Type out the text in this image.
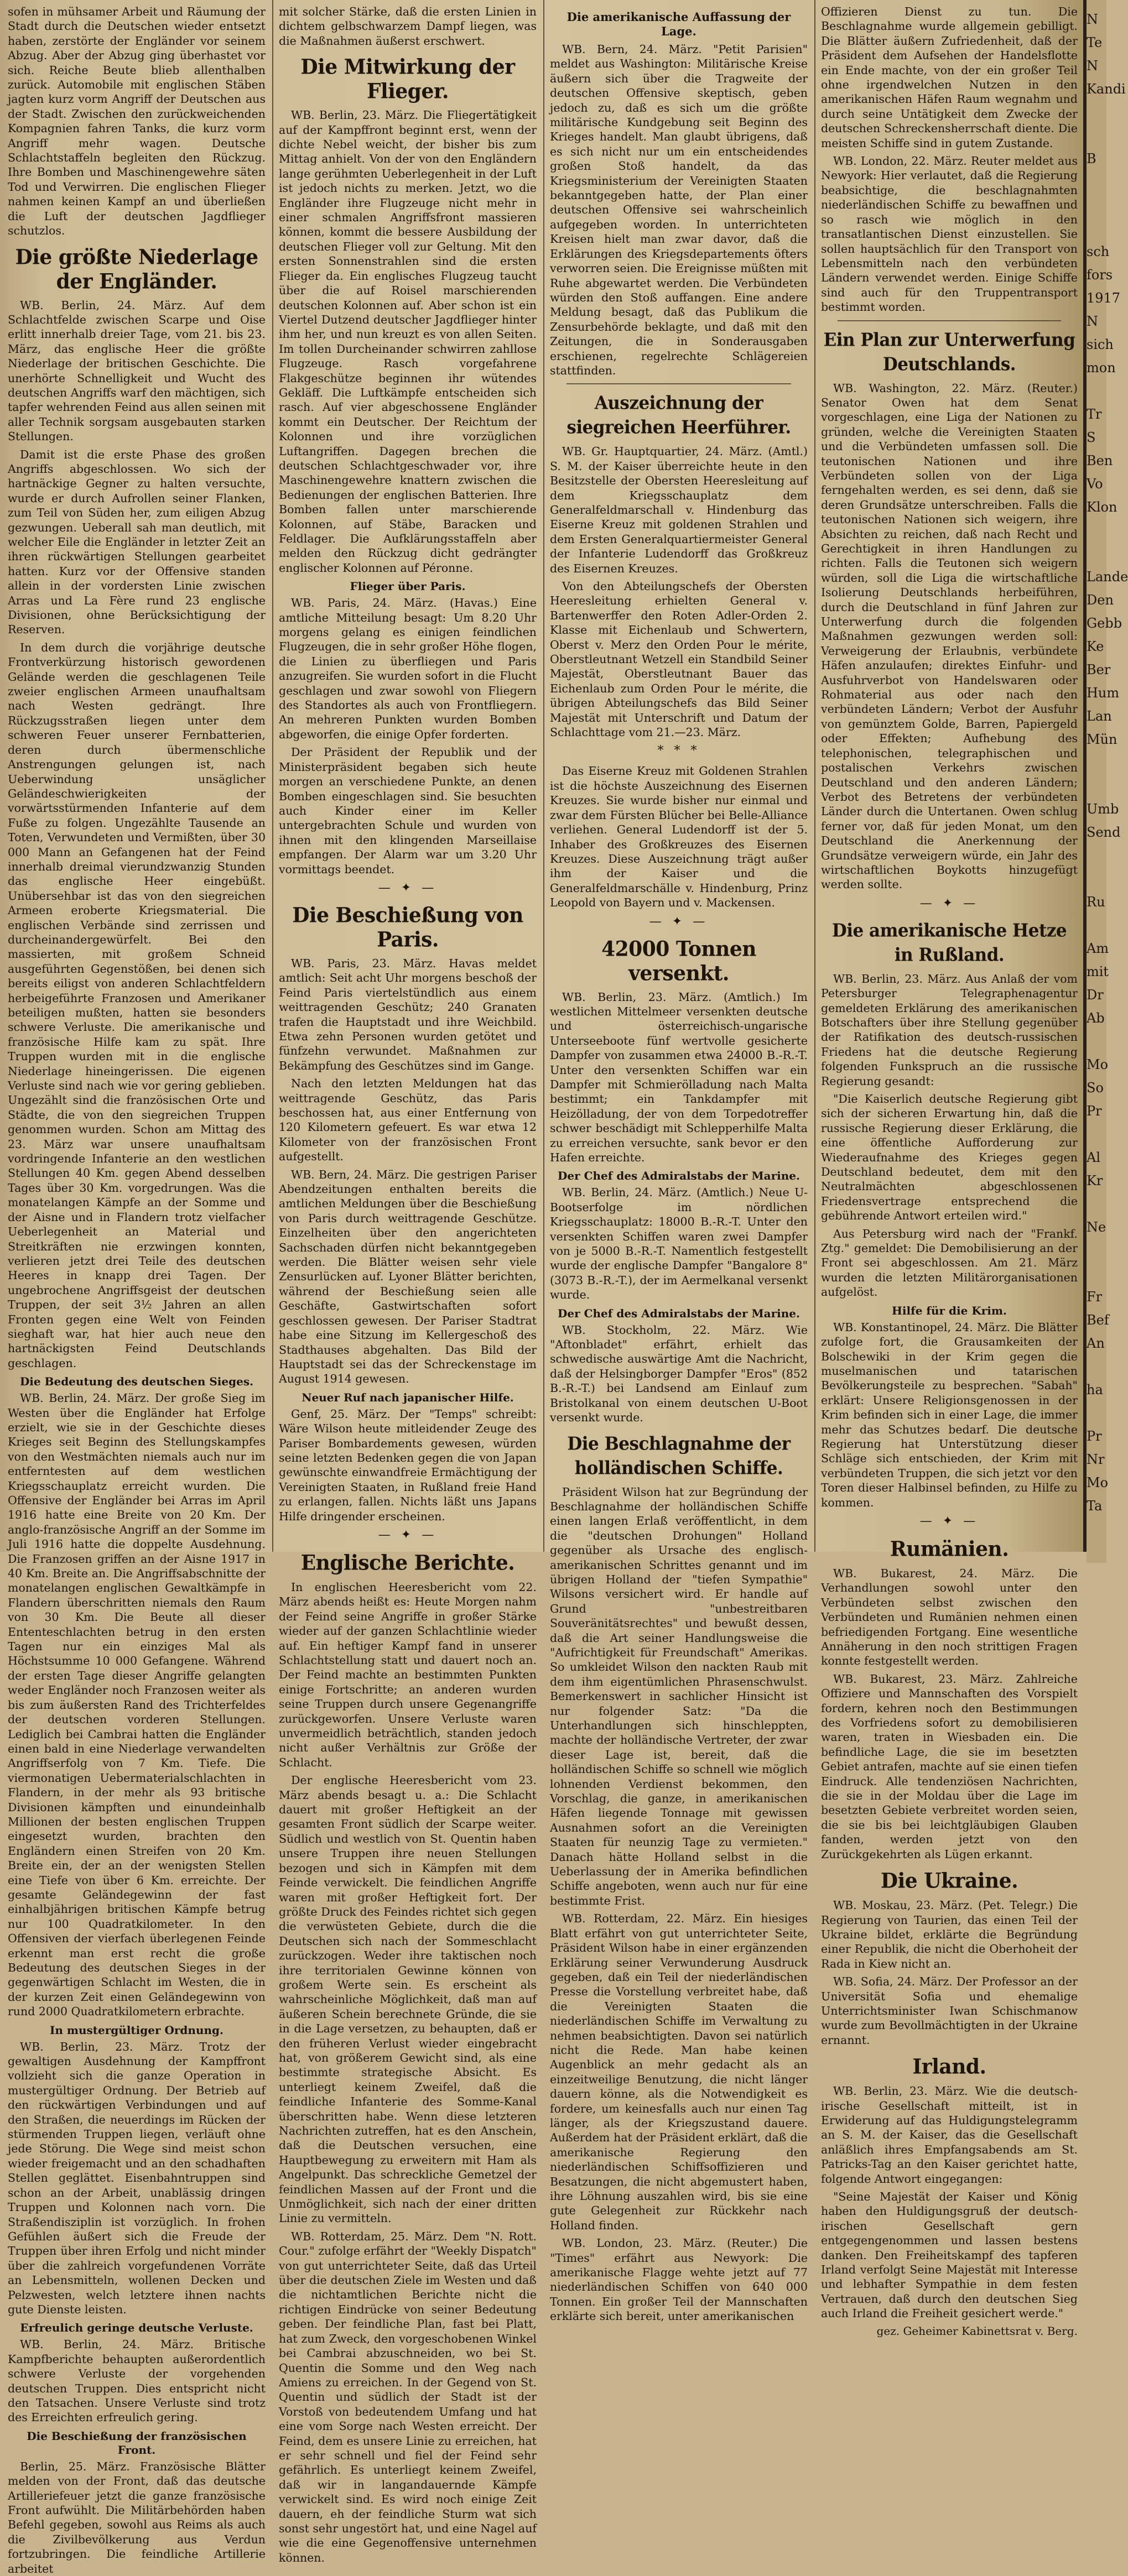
sofen in mühsamer Arbeit und Räumung der Stadt durch die Deutschen wieder entsetzt haben, zerstörte der Engländer vor seinem Abzug. Aber der Abzug ging überhastet vor sich. Reiche Beute blieb allenthalben zurück. Automobile mit englischen Stäben jagten kurz vorm Angriff der Deutschen aus der Stadt. Zwischen den zurückweichenden Kompagnien fahren Tanks, die kurz vorm Angriff mehr wagen. Deutsche Schlachtstaffeln begleiten den Rückzug. Ihre Bomben und Maschinengewehre säten Tod und Verwirren. Die englischen Flieger nahmen keinen Kampf an und überließen die Luft der deutschen Jagdflieger schutzlos.

Die größte Niederlage der Engländer.

WB. Berlin, 24. März. Auf dem Schlachtfelde zwischen Scarpe und Oise erlitt innerhalb dreier Tage, vom 21. bis 23. März, das englische Heer die größte Niederlage der britischen Geschichte. Die unerhörte Schnelligkeit und Wucht des deutschen Angriffs warf den mächtigen, sich tapfer wehrenden Feind aus allen seinen mit aller Technik sorgsam ausgebauten starken Stellungen.

Damit ist die erste Phase des großen Angriffs abgeschlossen. Wo sich der hartnäckige Gegner zu halten versuchte, wurde er durch Aufrollen seiner Flanken, zum Teil von Süden her, zum eiligen Abzug gezwungen. Ueberall sah man deutlich, mit welcher Eile die Engländer in letzter Zeit an ihren rückwärtigen Stellungen gearbeitet hatten. Kurz vor der Offensive standen allein in der vordersten Linie zwischen Arras und La Fère rund 23 englische Divisionen, ohne Berücksichtigung der Reserven.

In dem durch die vorjährige deutsche Frontverkürzung historisch gewordenen Gelände werden die geschlagenen Teile zweier englischen Armeen unaufhaltsam nach Westen gedrängt. Ihre Rückzugsstraßen liegen unter dem schweren Feuer unserer Fernbatterien, deren durch übermenschliche Anstrengungen gelungen ist, nach Ueberwindung unsäglicher Geländeschwierigkeiten der vorwärtsstürmenden Infanterie auf dem Fuße zu folgen. Ungezählte Tausende an Toten, Verwundeten und Vermißten, über 30 000 Mann an Gefangenen hat der Feind innerhalb dreimal vierundzwanzig Stunden das englische Heer eingebüßt. Unübersehbar ist das von den siegreichen Armeen eroberte Kriegsmaterial. Die englischen Verbände sind zerrissen und durcheinandergewürfelt. Bei den massierten, mit großem Schneid ausgeführten Gegenstößen, bei denen sich bereits eiligst von anderen Schlachtfeldern herbeigeführte Franzosen und Amerikaner beteiligen mußten, hatten sie besonders schwere Verluste. Die amerikanische und französische Hilfe kam zu spät. Ihre Truppen wurden mit in die englische Niederlage hineingerissen. Die eigenen Verluste sind nach wie vor gering geblieben. Ungezählt sind die französischen Orte und Städte, die von den siegreichen Truppen genommen wurden. Schon am Mittag des 23. März war unsere unaufhaltsam vordringende Infanterie an den westlichen Stellungen 40 Km. gegen Abend desselben Tages über 30 Km. vorgedrungen. Was die monatelangen Kämpfe an der Somme und der Aisne und in Flandern trotz vielfacher Ueberlegenheit an Material und Streitkräften nie erzwingen konnten, verlieren jetzt drei Teile des deutschen Heeres in knapp drei Tagen. Der ungebrochene Angriffsgeist der deutschen Truppen, der seit 3½ Jahren an allen Fronten gegen eine Welt von Feinden sieghaft war, hat hier auch neue den hartnäckigsten Feind Deutschlands geschlagen.

Die Bedeutung des deutschen Sieges.

WB. Berlin, 24. März. Der große Sieg im Westen über die Engländer hat Erfolge erzielt, wie sie in der Geschichte dieses Krieges seit Beginn des Stellungskampfes von den Westmächten niemals auch nur im entferntesten auf dem westlichen Kriegsschauplatz erreicht wurden. Die Offensive der Engländer bei Arras im April 1916 hatte eine Breite von 20 Km. Der anglo-französische Angriff an der Somme im Juli 1916 hatte die doppelte Ausdehnung. Die Franzosen griffen an der Aisne 1917 in 40 Km. Breite an. Die Angriffsabschnitte der monatelangen englischen Gewaltkämpfe in Flandern überschritten niemals den Raum von 30 Km. Die Beute all dieser Ententeschlachten betrug in den ersten Tagen nur ein einziges Mal als Höchstsumme 10 000 Gefangene. Während der ersten Tage dieser Angriffe gelangten weder Engländer noch Franzosen weiter als bis zum äußersten Rand des Trichterfeldes der deutschen vorderen Stellungen. Lediglich bei Cambrai hatten die Engländer einen bald in eine Niederlage verwandelten Angriffserfolg von 7 Km. Tiefe. Die viermonatigen Uebermaterialschlachten in Flandern, in der mehr als 93 britische Divisionen kämpften und einundeinhalb Millionen der besten englischen Truppen eingesetzt wurden, brachten den Engländern einen Streifen von 20 Km. Breite ein, der an der wenigsten Stellen eine Tiefe von über 6 Km. erreichte. Der gesamte Geländegewinn der fast einhalbjährigen britischen Kämpfe betrug nur 100 Quadratkilometer. In den Offensiven der vierfach überlegenen Feinde erkennt man erst recht die große Bedeutung des deutschen Sieges in der gegenwärtigen Schlacht im Westen, die in der kurzen Zeit einen Geländegewinn von rund 2000 Quadratkilometern erbrachte.

In mustergültiger Ordnung.

WB. Berlin, 23. März. Trotz der gewaltigen Ausdehnung der Kampffront vollzieht sich die ganze Operation in mustergültiger Ordnung. Der Betrieb auf den rückwärtigen Verbindungen und auf den Straßen, die neuerdings im Rücken der stürmenden Truppen liegen, verläuft ohne jede Störung. Die Wege sind meist schon wieder freigemacht und an den schadhaften Stellen geglättet. Eisenbahntruppen sind schon an der Arbeit, unablässig dringen Truppen und Kolonnen nach vorn. Die Straßendisziplin ist vorzüglich. In frohen Gefühlen äußert sich die Freude der Truppen über ihren Erfolg und nicht minder über die zahlreich vorgefundenen Vorräte an Lebensmitteln, wollenen Decken und Pelzwesten, welch letztere ihnen nachts gute Dienste leisten.

Erfreulich geringe deutsche Verluste.

WB. Berlin, 24. März. Britische Kampfberichte behaupten außerordentlich schwere Verluste der vorgehenden deutschen Truppen. Dies entspricht nicht den Tatsachen. Unsere Verluste sind trotz des Erreichten erfreulich gering.

Die Beschießung der französischen Front.

Berlin, 25. März. Französische Blätter melden von der Front, daß das deutsche Artilleriefeuer jetzt die ganze französische Front aufwühlt. Die Militärbehörden haben Befehl gegeben, sowohl aus Reims als auch die Zivilbevölkerung aus Verdun fortzubringen. Die feindliche Artillerie arbeitet

mit solcher Stärke, daß die ersten Linien in dichtem gelbschwarzem Dampf liegen, was die Maßnahmen äußerst erschwert.

Die Mitwirkung der Flieger.

WB. Berlin, 23. März. Die Fliegertätigkeit auf der Kampffront beginnt erst, wenn der dichte Nebel weicht, der bisher bis zum Mittag anhielt. Von der von den Engländern lange gerühmten Ueberlegenheit in der Luft ist jedoch nichts zu merken. Jetzt, wo die Engländer ihre Flugzeuge nicht mehr in einer schmalen Angriffsfront massieren können, kommt die bessere Ausbildung der deutschen Flieger voll zur Geltung. Mit den ersten Sonnenstrahlen sind die ersten Flieger da. Ein englisches Flugzeug taucht über die auf Roisel marschierenden deutschen Kolonnen auf. Aber schon ist ein Viertel Dutzend deutscher Jagdflieger hinter ihm her, und nun kreuzt es von allen Seiten. Im tollen Durcheinander schwirren zahllose Flugzeuge. Rasch vorgefahrene Flakgeschütze beginnen ihr wütendes Gekläff. Die Luftkämpfe entscheiden sich rasch. Auf vier abgeschossene Engländer kommt ein Deutscher. Der Reichtum der Kolonnen und ihre vorzüglichen Luftangriffen. Dagegen brechen die deutschen Schlachtgeschwader vor, ihre Maschinengewehre knattern zwischen die Bedienungen der englischen Batterien. Ihre Bomben fallen unter marschierende Kolonnen, auf Stäbe, Baracken und Feldlager. Die Aufklärungsstaffeln aber melden den Rückzug dicht gedrängter englischer Kolonnen auf Péronne.

Flieger über Paris.

WB. Paris, 24. März. (Havas.) Eine amtliche Mitteilung besagt: Um 8.20 Uhr morgens gelang es einigen feindlichen Flugzeugen, die in sehr großer Höhe flogen, die Linien zu überfliegen und Paris anzugreifen. Sie wurden sofort in die Flucht geschlagen und zwar sowohl von Fliegern des Standortes als auch von Frontfliegern. An mehreren Punkten wurden Bomben abgeworfen, die einige Opfer forderten.

Der Präsident der Republik und der Ministerpräsident begaben sich heute morgen an verschiedene Punkte, an denen Bomben eingeschlagen sind. Sie besuchten auch Kinder einer im Keller untergebrachten Schule und wurden von ihnen mit den klingenden Marseillaise empfangen. Der Alarm war um 3.20 Uhr vormittags beendet.

— ✦ —
Die Beschießung von Paris.

WB. Paris, 23. März. Havas meldet amtlich: Seit acht Uhr morgens beschoß der Feind Paris viertelstündlich aus einem weittragenden Geschütz; 240 Granaten trafen die Hauptstadt und ihre Weichbild. Etwa zehn Personen wurden getötet und fünfzehn verwundet. Maßnahmen zur Bekämpfung des Geschützes sind im Gange.

Nach den letzten Meldungen hat das weittragende Geschütz, das Paris beschossen hat, aus einer Entfernung von 120 Kilometern gefeuert. Es war etwa 12 Kilometer von der französischen Front aufgestellt.

WB. Bern, 24. März. Die gestrigen Pariser Abendzeitungen enthalten bereits die amtlichen Meldungen über die Beschießung von Paris durch weittragende Geschütze. Einzelheiten über den angerichteten Sachschaden dürfen nicht bekanntgegeben werden. Die Blätter weisen sehr viele Zensurlücken auf. Lyoner Blätter berichten, während der Beschießung seien alle Geschäfte, Gastwirtschaften sofort geschlossen gewesen. Der Pariser Stadtrat habe eine Sitzung im Kellergeschoß des Stadthauses abgehalten. Das Bild der Hauptstadt sei das der Schreckenstage im August 1914 gewesen.

Neuer Ruf nach japanischer Hilfe.

Genf, 25. März. Der "Temps" schreibt: Wäre Wilson heute mitleidender Zeuge des Pariser Bombardements gewesen, würden seine letzten Bedenken gegen die von Japan gewünschte einwandfreie Ermächtigung der Vereinigten Staaten, in Rußland freie Hand zu erlangen, fallen. Nichts läßt uns Japans Hilfe dringender erscheinen.

— ✦ —
Englische Berichte.

In englischen Heeresbericht vom 22. März abends heißt es: Heute Morgen nahm der Feind seine Angriffe in großer Stärke wieder auf der ganzen Schlachtlinie wieder auf. Ein heftiger Kampf fand in unserer Schlachtstellung statt und dauert noch an. Der Feind machte an bestimmten Punkten einige Fortschritte; an anderen wurden seine Truppen durch unsere Gegenangriffe zurückgeworfen. Unsere Verluste waren unvermeidlich beträchtlich, standen jedoch nicht außer Verhältnis zur Größe der Schlacht.

Der englische Heeresbericht vom 23. März abends besagt u. a.: Die Schlacht dauert mit großer Heftigkeit an der gesamten Front südlich der Scarpe weiter. Südlich und westlich von St. Quentin haben unsere Truppen ihre neuen Stellungen bezogen und sich in Kämpfen mit dem Feinde verwickelt. Die feindlichen Angriffe waren mit großer Heftigkeit fort. Der größte Druck des Feindes richtet sich gegen die verwüsteten Gebiete, durch die die Deutschen sich nach der Sommeschlacht zurückzogen. Weder ihre taktischen noch ihre territorialen Gewinne können von großem Werte sein. Es erscheint als wahrscheinliche Möglichkeit, daß man auf äußeren Schein berechnete Gründe, die sie in die Lage versetzen, zu behaupten, daß er den früheren Verlust wieder eingebracht hat, von größerem Gewicht sind, als eine bestimmte strategische Absicht. Es unterliegt keinem Zweifel, daß die feindliche Infanterie des Somme-Kanal überschritten habe. Wenn diese letzteren Nachrichten zutreffen, hat es den Anschein, daß die Deutschen versuchen, eine Hauptbewegung zu erweitern mit Ham als Angelpunkt. Das schreckliche Gemetzel der feindlichen Massen auf der Front und die Unmöglichkeit, sich nach der einer dritten Linie zu vermitteln.

WB. Rotterdam, 25. März. Dem "N. Rott. Cour." zufolge erfährt der "Weekly Dispatch" von gut unterrichteter Seite, daß das Urteil über die deutschen Ziele im Westen und daß die nichtamtlichen Berichte nicht die richtigen Eindrücke von seiner Bedeutung geben. Der feindliche Plan, fast bei Platt, hat zum Zweck, den vorgeschobenen Winkel bei Cambrai abzuschneiden, wo bei St. Quentin die Somme und den Weg nach Amiens zu erreichen. In der Gegend von St. Quentin und südlich der Stadt ist der Vorstoß von bedeutendem Umfang und hat eine vom Sorge nach Westen erreicht. Der Feind, dem es unsere Linie zu erreichen, hat er sehr schnell und fiel der Feind sehr gefährlich. Es unterliegt keinem Zweifel, daß wir in langandauernde Kämpfe verwickelt sind. Es wird noch einige Zeit dauern, eh der feindliche Sturm wat sich sonst sehr ungestört hat, und eine Nagel auf wie die eine Gegenoffensive unternehmen können.

Die amerikanische Auffassung der Lage.

WB. Bern, 24. März. "Petit Parisien" meldet aus Washington: Militärische Kreise äußern sich über die Tragweite der deutschen Offensive skeptisch, geben jedoch zu, daß es sich um die größte militärische Kundgebung seit Beginn des Krieges handelt. Man glaubt übrigens, daß es sich nicht nur um ein entscheidendes großen Stoß handelt, da das Kriegsministerium der Vereinigten Staaten bekanntgegeben hatte, der Plan einer deutschen Offensive sei wahrscheinlich aufgegeben worden. In unterrichteten Kreisen hielt man zwar davor, daß die Erklärungen des Kriegsdepartements öfters verworren seien. Die Ereignisse müßten mit Ruhe abgewartet werden. Die Verbündeten würden den Stoß auffangen. Eine andere Meldung besagt, daß das Publikum die Zensurbehörde beklagte, und daß mit den Zeitungen, die in Sonderausgaben erschienen, regelrechte Schlägereien stattfinden.

Auszeichnung der siegreichen Heerführer.

WB. Gr. Hauptquartier, 24. März. (Amtl.) S. M. der Kaiser überreichte heute in den Besitzstelle der Obersten Heeresleitung auf dem Kriegsschauplatz dem Generalfeldmarschall v. Hindenburg das Eiserne Kreuz mit goldenen Strahlen und dem Ersten Generalquartiermeister General der Infanterie Ludendorff das Großkreuz des Eisernen Kreuzes.

Von den Abteilungschefs der Obersten Heeresleitung erhielten General v. Bartenwerffer den Roten Adler-Orden 2. Klasse mit Eichenlaub und Schwertern, Oberst v. Merz den Orden Pour le mérite, Oberstleutnant Wetzell ein Standbild Seiner Majestät, Oberstleutnant Bauer das Eichenlaub zum Orden Pour le mérite, die übrigen Abteilungschefs das Bild Seiner Majestät mit Unterschrift und Datum der Schlachttage vom 21.—23. März.

* * *

Das Eiserne Kreuz mit Goldenen Strahlen ist die höchste Auszeichnung des Eisernen Kreuzes. Sie wurde bisher nur einmal und zwar dem Fürsten Blücher bei Belle-Alliance verliehen. General Ludendorff ist der 5. Inhaber des Großkreuzes des Eisernen Kreuzes. Diese Auszeichnung trägt außer ihm der Kaiser und die Generalfeldmarschälle v. Hindenburg, Prinz Leopold von Bayern und v. Mackensen.

— ✦ —
42000 Tonnen versenkt.

WB. Berlin, 23. März. (Amtlich.) Im westlichen Mittelmeer versenkten deutsche und österreichisch-ungarische Unterseeboote fünf wertvolle gesicherte Dampfer von zusammen etwa 24000 B.-R.-T. Unter den versenkten Schiffen war ein Dampfer mit Schmierölladung nach Malta bestimmt; ein Tankdampfer mit Heizölladung, der von dem Torpedotreffer schwer beschädigt mit Schlepperhilfe Malta zu erreichen versuchte, sank bevor er den Hafen erreichte.

Der Chef des Admiralstabs der Marine.

WB. Berlin, 24. März. (Amtlich.) Neue U-Bootserfolge im nördlichen Kriegsschauplatz: 18000 B.-R.-T. Unter den versenkten Schiffen waren zwei Dampfer von je 5000 B.-R.-T. Namentlich festgestellt wurde der englische Dampfer "Bangalore 8" (3073 B.-R.-T.), der im Aermelkanal versenkt wurde.

Der Chef des Admiralstabs der Marine.

WB. Stockholm, 22. März. Wie "Aftonbladet" erfährt, erhielt das schwedische auswärtige Amt die Nachricht, daß der Helsingborger Dampfer "Eros" (852 B.-R.-T.) bei Landsend am Einlauf zum Bristolkanal von einem deutschen U-Boot versenkt wurde.

Die Beschlagnahme der holländischen Schiffe.

Präsident Wilson hat zur Begründung der Beschlagnahme der holländischen Schiffe einen langen Erlaß veröffentlicht, in dem die "deutschen Drohungen" Holland gegenüber als Ursache des englisch-amerikanischen Schrittes genannt und im übrigen Holland der "tiefen Sympathie" Wilsons versichert wird. Er handle auf Grund "unbestreitbaren Souveränitätsrechtes" und bewußt dessen, daß die Art seiner Handlungsweise die "Aufrichtigkeit für Freundschaft" Amerikas. So umkleidet Wilson den nackten Raub mit dem ihm eigentümlichen Phrasenschwulst. Bemerkenswert in sachlicher Hinsicht ist nur folgender Satz: "Da die Unterhandlungen sich hinschleppten, machte der holländische Vertreter, der zwar dieser Lage ist, bereit, daß die holländischen Schiffe so schnell wie möglich lohnenden Verdienst bekommen, den Vorschlag, die ganze, in amerikanischen Häfen liegende Tonnage mit gewissen Ausnahmen sofort an die Vereinigten Staaten für neunzig Tage zu vermieten." Danach hätte Holland selbst in die Ueberlassung der in Amerika befindlichen Schiffe angeboten, wenn auch nur für eine bestimmte Frist.

WB. Rotterdam, 22. März. Ein hiesiges Blatt erfährt von gut unterrichteter Seite, Präsident Wilson habe in einer ergänzenden Erklärung seiner Verwunderung Ausdruck gegeben, daß ein Teil der niederländischen Presse die Vorstellung verbreitet habe, daß die Vereinigten Staaten die niederländischen Schiffe im Verwaltung zu nehmen beabsichtigten. Davon sei natürlich nicht die Rede. Man habe keinen Augenblick an mehr gedacht als an einzeitweilige Benutzung, die nicht länger dauern könne, als die Notwendigkeit es fordere, um keinesfalls auch nur einen Tag länger, als der Kriegszustand dauere. Außerdem hat der Präsident erklärt, daß die amerikanische Regierung den niederländischen Schiffsoffizieren und Besatzungen, die nicht abgemustert haben, ihre Löhnung auszahlen wird, bis sie eine gute Gelegenheit zur Rückkehr nach Holland finden.

WB. London, 23. März. (Reuter.) Die "Times" erfährt aus Newyork: Die amerikanische Flagge wehte jetzt auf 77 niederländischen Schiffen von 640 000 Tonnen. Ein großer Teil der Mannschaften erklärte sich bereit, unter amerikanischen

Offizieren Dienst zu tun. Die Beschlagnahme wurde allgemein gebilligt. Die Blätter äußern Zufriedenheit, daß der Präsident dem Aufsehen der Handelsflotte ein Ende machte, von der ein großer Teil ohne irgendwelchen Nutzen in den amerikanischen Häfen Raum wegnahm und durch seine Untätigkeit dem Zwecke der deutschen Schreckensherrschaft diente. Die meisten Schiffe sind in gutem Zustande.

WB. London, 22. März. Reuter meldet aus Newyork: Hier verlautet, daß die Regierung beabsichtige, die beschlagnahmten niederländischen Schiffe zu bewaffnen und so rasch wie möglich in den transatlantischen Dienst einzustellen. Sie sollen hauptsächlich für den Transport von Lebensmitteln nach den verbündeten Ländern verwendet werden. Einige Schiffe sind auch für den Truppentransport bestimmt worden.

Ein Plan zur Unterwerfung Deutschlands.

WB. Washington, 22. März. (Reuter.) Senator Owen hat dem Senat vorgeschlagen, eine Liga der Nationen zu gründen, welche die Vereinigten Staaten und die Verbündeten umfassen soll. Die teutonischen Nationen und ihre Verbündeten sollen von der Liga ferngehalten werden, es sei denn, daß sie deren Grundsätze unterschreiben. Falls die teutonischen Nationen sich weigern, ihre Absichten zu reichen, daß nach Recht und Gerechtigkeit in ihren Handlungen zu richten. Falls die Teutonen sich weigern würden, soll die Liga die wirtschaftliche Isolierung Deutschlands herbeiführen, durch die Deutschland in fünf Jahren zur Unterwerfung durch die folgenden Maßnahmen gezwungen werden soll: Verweigerung der Erlaubnis, verbündete Häfen anzulaufen; direktes Einfuhr- und Ausfuhrverbot von Handelswaren oder Rohmaterial aus oder nach den verbündeten Ländern; Verbot der Ausfuhr von gemünztem Golde, Barren, Papiergeld oder Effekten; Aufhebung des telephonischen, telegraphischen und postalischen Verkehrs zwischen Deutschland und den anderen Ländern; Verbot des Betretens der verbündeten Länder durch die Untertanen. Owen schlug ferner vor, daß für jeden Monat, um den Deutschland die Anerkennung der Grundsätze verweigern würde, ein Jahr des wirtschaftlichen Boykotts hinzugefügt werden sollte.

— ✦ —
Die amerikanische Hetze in Rußland.

WB. Berlin, 23. März. Aus Anlaß der vom Petersburger Telegraphenagentur gemeldeten Erklärung des amerikanischen Botschafters über ihre Stellung gegenüber der Ratifikation des deutsch-russischen Friedens hat die deutsche Regierung folgenden Funkspruch an die russische Regierung gesandt:

"Die Kaiserlich deutsche Regierung gibt sich der sicheren Erwartung hin, daß die russische Regierung dieser Erklärung, die eine öffentliche Aufforderung zur Wiederaufnahme des Krieges gegen Deutschland bedeutet, dem mit den Neutralmächten abgeschlossenen Friedensvertrage entsprechend die gebührende Antwort erteilen wird."

Aus Petersburg wird nach der "Frankf. Ztg." gemeldet: Die Demobilisierung an der Front sei abgeschlossen. Am 21. März wurden die letzten Militärorganisationen aufgelöst.

Hilfe für die Krim.

WB. Konstantinopel, 24. März. Die Blätter zufolge fort, die Grausamkeiten der Bolschewiki in der Krim gegen die muselmanischen und tatarischen Bevölkerungsteile zu besprechen. "Sabah" erklärt: Unsere Religionsgenossen in der Krim befinden sich in einer Lage, die immer mehr das Schutzes bedarf. Die deutsche Regierung hat Unterstützung dieser Schläge sich entschieden, der Krim mit verbündeten Truppen, die sich jetzt vor den Toren dieser Halbinsel befinden, zu Hilfe zu kommen.

— ✦ —
Rumänien.

WB. Bukarest, 24. März. Die Verhandlungen sowohl unter den Verbündeten selbst zwischen den Verbündeten und Rumänien nehmen einen befriedigenden Fortgang. Eine wesentliche Annäherung in den noch strittigen Fragen konnte festgestellt werden.

WB. Bukarest, 23. März. Zahlreiche Offiziere und Mannschaften des Vorspielt fordern, kehren noch den Bestimmungen des Vorfriedens sofort zu demobilisieren waren, traten in Wiesbaden ein. Die befindliche Lage, die sie im besetzten Gebiet antrafen, machte auf sie einen tiefen Eindruck. Alle tendenziösen Nachrichten, die sie in der Moldau über die Lage im besetzten Gebiete verbreitet worden seien, die sie bis bei leichtgläubigen Glauben fanden, werden jetzt von den Zurückgekehrten als Lügen erkannt.

Die Ukraine.

WB. Moskau, 23. März. (Pet. Telegr.) Die Regierung von Taurien, das einen Teil der Ukraine bildet, erklärte die Begründung einer Republik, die nicht die Oberhoheit der Rada in Kiew nicht an.

WB. Sofia, 24. März. Der Professor an der Universität Sofia und ehemalige Unterrichtsminister Iwan Schischmanow wurde zum Bevollmächtigten in der Ukraine ernannt.

Irland.

WB. Berlin, 23. März. Wie die deutsch-irische Gesellschaft mitteilt, ist in Erwiderung auf das Huldigungstelegramm an S. M. der Kaiser, das die Gesellschaft anläßlich ihres Empfangsabends am St. Patricks-Tag an den Kaiser gerichtet hatte, folgende Antwort eingegangen:

"Seine Majestät der Kaiser und König haben den Huldigungsgruß der deutsch-irischen Gesellschaft gern entgegengenommen und lassen bestens danken. Den Freiheitskampf des tapferen Irland verfolgt Seine Majestät mit Interesse und lebhafter Sympathie in dem festen Vertrauen, daß durch den deutschen Sieg auch Irland die Freiheit gesichert werde."

gez. Geheimer Kabinettsrat v. Berg.
N
Te
N
Kandi

B

sch
fors
1917
N
sich
mon

Tr
S
Ben
Vo
Klon

Lande
Den
Gebb
Ke
Ber
Hum
Lan
Mün

Umb
Send

Ru

Am
mit
Dr
Ab

Mo
So
Pr

Al
Kr

Ne

Fr
Bef
An

ha

Pr
Nr
Mo
Ta
